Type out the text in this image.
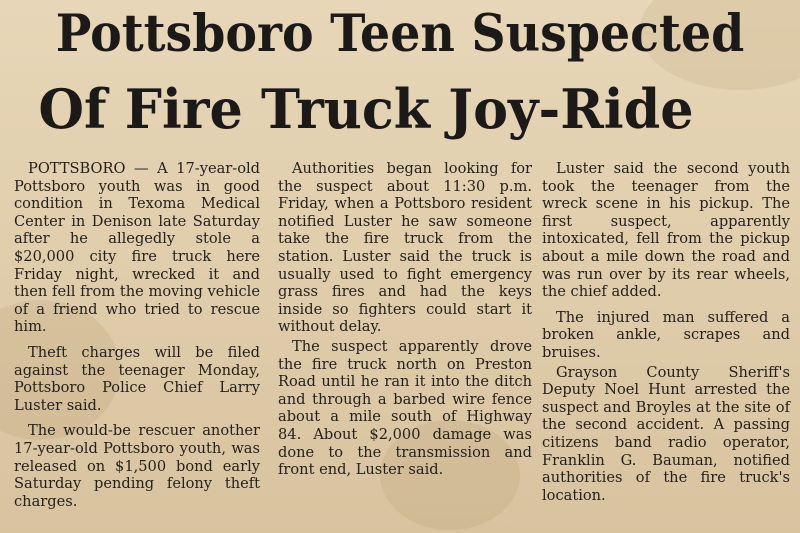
Pottsboro Teen Suspected
Of Fire Truck Joy-Ride

POTTSBORO — A 17-year-old Pottsboro youth was in good condition in Texoma Medical Center in Denison late Saturday after he allegedly stole a $20,000 city fire truck here Friday night, wrecked it and then fell from the moving vehicle of a friend who tried to rescue him.

Theft charges will be filed against the teenager Monday, Pottsboro Police Chief Larry Luster said.

The would-be rescuer another 17-year-old Pottsboro youth, was released on $1,500 bond early Saturday pending felony theft charges.

Authorities began looking for the suspect about 11:30 p.m. Friday, when a Pottsboro resident notified Luster he saw someone take the fire truck from the station. Luster said the truck is usually used to fight emergency grass fires and had the keys inside so fighters could start it without delay.

The suspect apparently drove the fire truck north on Preston Road until he ran it into the ditch and through a barbed wire fence about a mile south of Highway 84. About $2,000 damage was done to the transmission and front end, Luster said.

Luster said the second youth took the teenager from the wreck scene in his pickup. The first suspect, apparently intoxicated, fell from the pickup about a mile down the road and was run over by its rear wheels, the chief added.

The injured man suffered a broken ankle, scrapes and bruises.

Grayson County Sheriff's Deputy Noel Hunt arrested the suspect and Broyles at the site of the second accident. A passing citizens band radio operator, Franklin G. Bauman, notified authorities of the fire truck's location.
